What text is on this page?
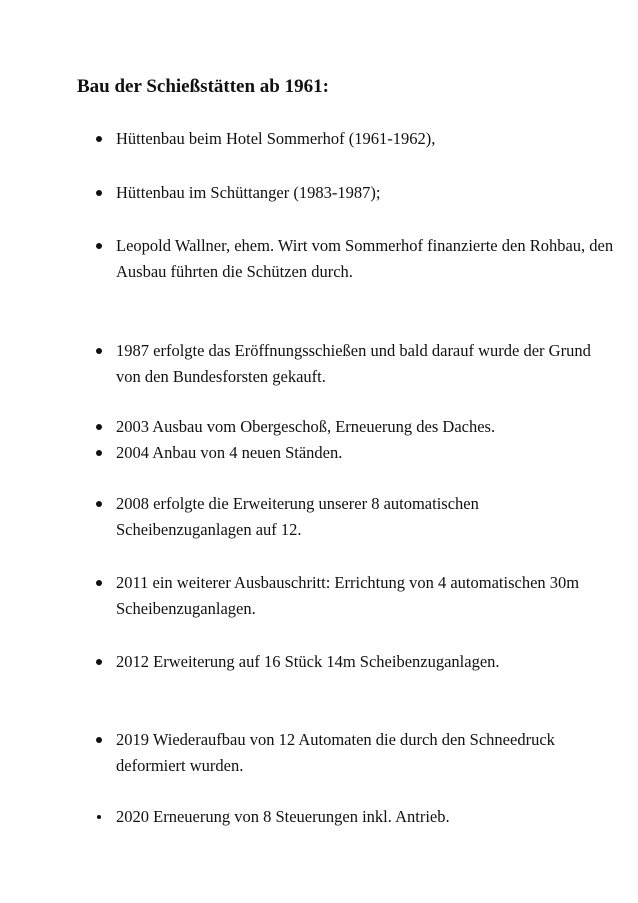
Bau der Schießstätten ab 1961:

Hüttenbau beim Hotel Sommerhof (1961-1962),

Hüttenbau im Schüttanger (1983-1987);

Leopold Wallner, ehem. Wirt vom Sommerhof finanzierte den Rohbau, den Ausbau führten die Schützen durch.

1987 erfolgte das Eröffnungsschießen und bald darauf wurde der Grund von den Bundesforsten gekauft.

2003 Ausbau vom Obergeschoß, Erneuerung des Daches.

2004 Anbau von 4 neuen Ständen.

2008 erfolgte die Erweiterung unserer 8 automatischen Scheibenzuganlagen auf 12.

2011 ein weiterer Ausbauschritt: Errichtung von 4 automatischen 30m Scheibenzuganlagen.

2012 Erweiterung auf 16 Stück 14m Scheibenzuganlagen.

2019 Wiederaufbau von 12 Automaten die durch den Schneedruck deformiert wurden.

2020 Erneuerung von 8 Steuerungen inkl. Antrieb.
